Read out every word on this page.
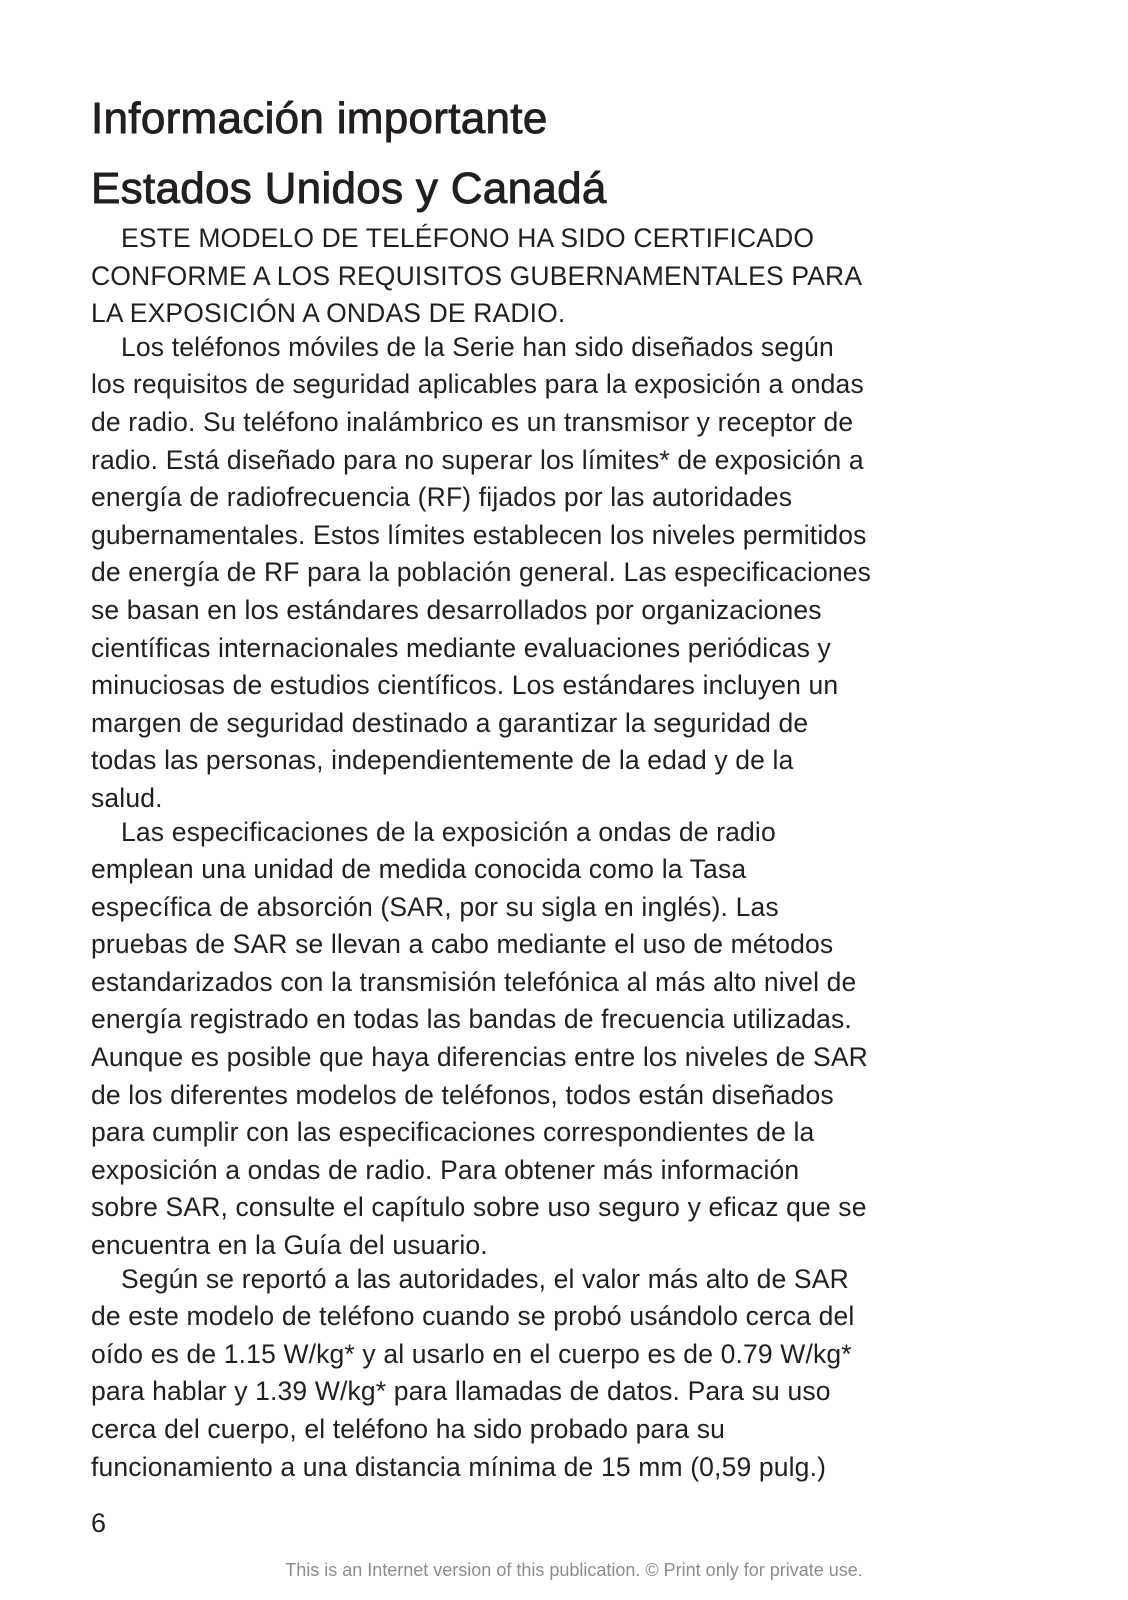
Información importante
Estados Unidos y Canadá
ESTE MODELO DE TELÉFONO HA SIDO CERTIFICADO
CONFORME A LOS REQUISITOS GUBERNAMENTALES PARA
LA EXPOSICIÓN A ONDAS DE RADIO.
Los teléfonos móviles de la Serie han sido diseñados según
los requisitos de seguridad aplicables para la exposición a ondas
de radio. Su teléfono inalámbrico es un transmisor y receptor de
radio. Está diseñado para no superar los límites* de exposición a
energía de radiofrecuencia (RF) fijados por las autoridades
gubernamentales. Estos límites establecen los niveles permitidos
de energía de RF para la población general. Las especificaciones
se basan en los estándares desarrollados por organizaciones
científicas internacionales mediante evaluaciones periódicas y
minuciosas de estudios científicos. Los estándares incluyen un
margen de seguridad destinado a garantizar la seguridad de
todas las personas, independientemente de la edad y de la
salud.
Las especificaciones de la exposición a ondas de radio
emplean una unidad de medida conocida como la Tasa
específica de absorción (SAR, por su sigla en inglés). Las
pruebas de SAR se llevan a cabo mediante el uso de métodos
estandarizados con la transmisión telefónica al más alto nivel de
energía registrado en todas las bandas de frecuencia utilizadas.
Aunque es posible que haya diferencias entre los niveles de SAR
de los diferentes modelos de teléfonos, todos están diseñados
para cumplir con las especificaciones correspondientes de la
exposición a ondas de radio. Para obtener más información
sobre SAR, consulte el capítulo sobre uso seguro y eficaz que se
encuentra en la Guía del usuario.
Según se reportó a las autoridades, el valor más alto de SAR
de este modelo de teléfono cuando se probó usándolo cerca del
oído es de 1.15 W/kg* y al usarlo en el cuerpo es de 0.79 W/kg*
para hablar y 1.39 W/kg* para llamadas de datos. Para su uso
cerca del cuerpo, el teléfono ha sido probado para su
funcionamiento a una distancia mínima de 15 mm (0,59 pulg.)
6
This is an Internet version of this publication. © Print only for private use.
